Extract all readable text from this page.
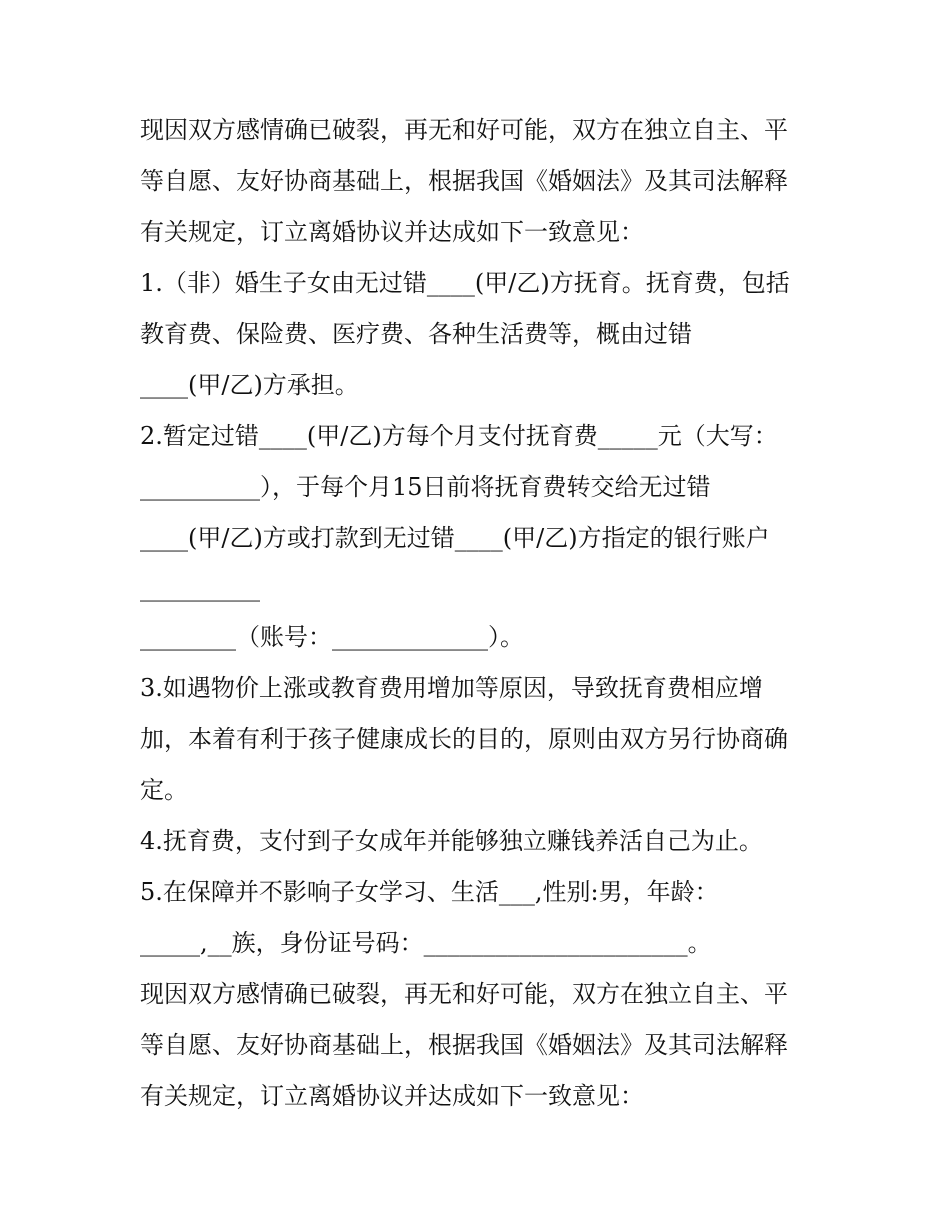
现因双方感情确已破裂，再无和好可能，双方在独立自主、平
等自愿、友好协商基础上，根据我国《婚姻法》及其司法解释
有关规定，订立离婚协议并达成如下一致意见：
1.（非）婚生子女由无过错____(甲/乙)方抚育。抚育费，包括
教育费、保险费、医疗费、各种生活费等，概由过错
____(甲/乙)方承担。
2.暂定过错____(甲/乙)方每个月支付抚育费_____元（大写：
__________），于每个月15日前将抚育费转交给无过错
____(甲/乙)方或打款到无过错____(甲/乙)方指定的银行账户
__________
________（账号：_____________）。
3.如遇物价上涨或教育费用增加等原因，导致抚育费相应增
加，本着有利于孩子健康成长的目的，原则由双方另行协商确
定。
4.抚育费，支付到子女成年并能够独立赚钱养活自己为止。
5.在保障并不影响子女学习、生活___,性别:男，年龄：
_____,__族，身份证号码：______________________。
现因双方感情确已破裂，再无和好可能，双方在独立自主、平
等自愿、友好协商基础上，根据我国《婚姻法》及其司法解释
有关规定，订立离婚协议并达成如下一致意见：
